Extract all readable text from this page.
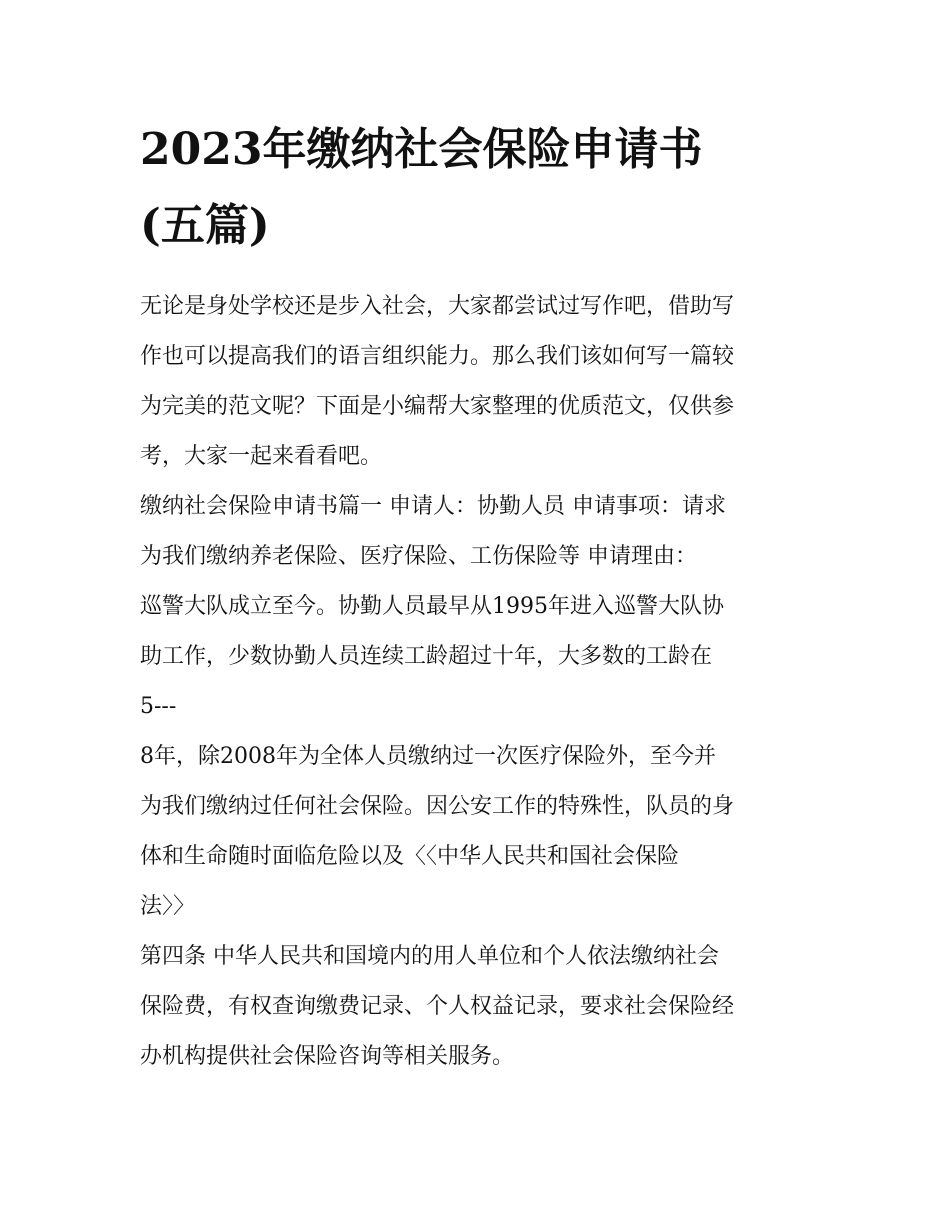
2023年缴纳社会保险申请书
(五篇)
无论是身处学校还是步入社会，大家都尝试过写作吧，借助写
作也可以提高我们的语言组织能力。那么我们该如何写一篇较
为完美的范文呢？下面是小编帮大家整理的优质范文，仅供参
考，大家一起来看看吧。
缴纳社会保险申请书篇一 申请人：协勤人员 申请事项：请求
为我们缴纳养老保险、医疗保险、工伤保险等 申请理由：
巡警大队成立至今。协勤人员最早从1995年进入巡警大队协
助工作，少数协勤人员连续工龄超过十年，大多数的工龄在
5---
8年，除2008年为全体人员缴纳过一次医疗保险外，至今并
为我们缴纳过任何社会保险。因公安工作的特殊性，队员的身
体和生命随时面临危险以及〈〈中华人民共和国社会保险
法〉〉
第四条 中华人民共和国境内的用人单位和个人依法缴纳社会
保险费，有权查询缴费记录、个人权益记录，要求社会保险经
办机构提供社会保险咨询等相关服务。
